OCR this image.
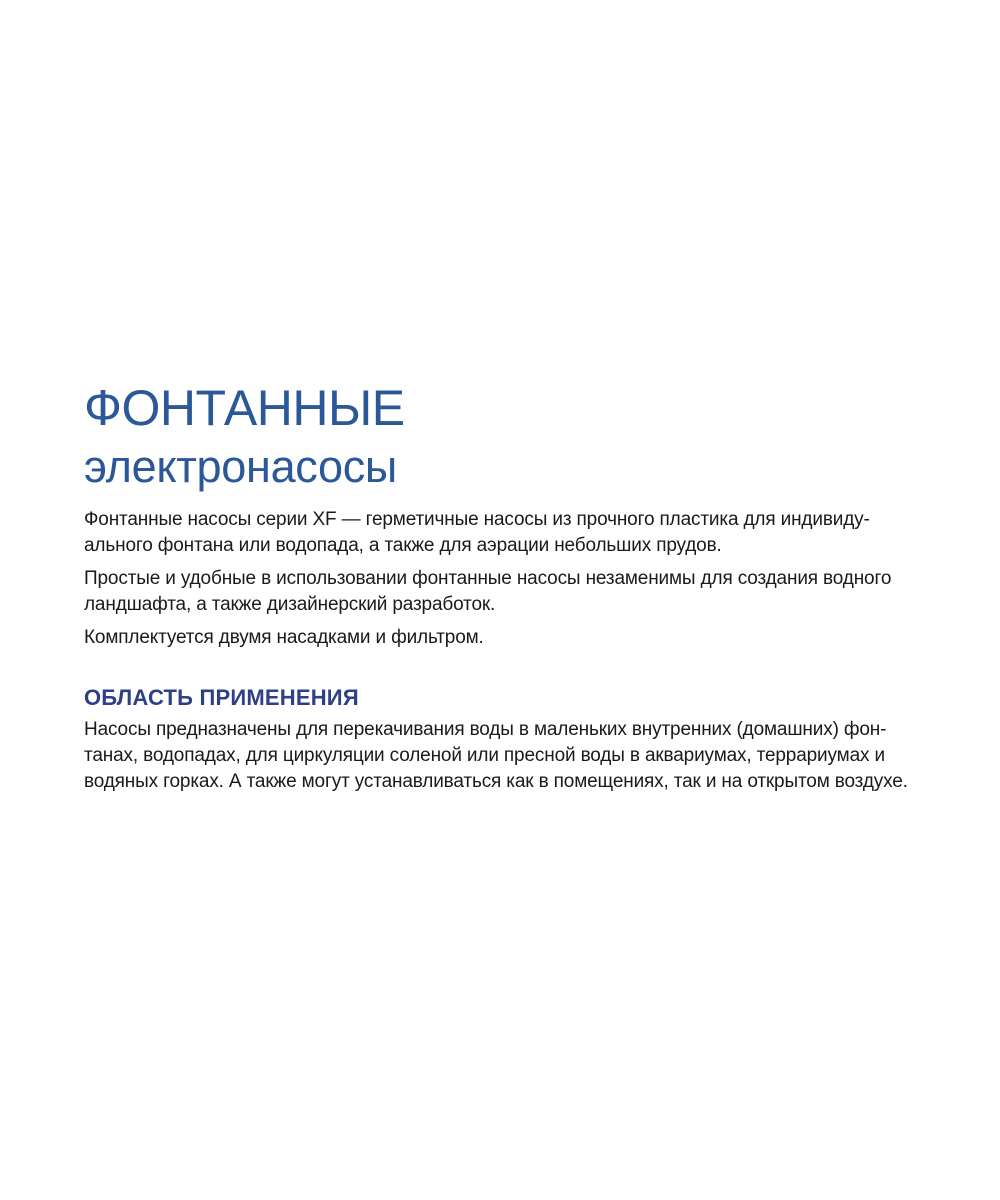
ФОНТАННЫЕ
электронасосы

Фонтанные насосы серии XF — герметичные насосы из прочного пластика для индивиду-ального фонтана или водопада, а также для аэрации небольших прудов.

Простые и удобные в использовании фонтанные насосы незаменимы для создания водного ландшафта, а также дизайнерский разработок.

Комплектуется двумя насадками и фильтром.

ОБЛАСТЬ ПРИМЕНЕНИЯ

Насосы предназначены для перекачивания воды в маленьких внутренних (домашних) фон-танах, водопадах, для циркуляции соленой или пресной воды в аквариумах, террариумах и водяных горках. А также могут устанавливаться как в помещениях, так и на открытом воздухе.
